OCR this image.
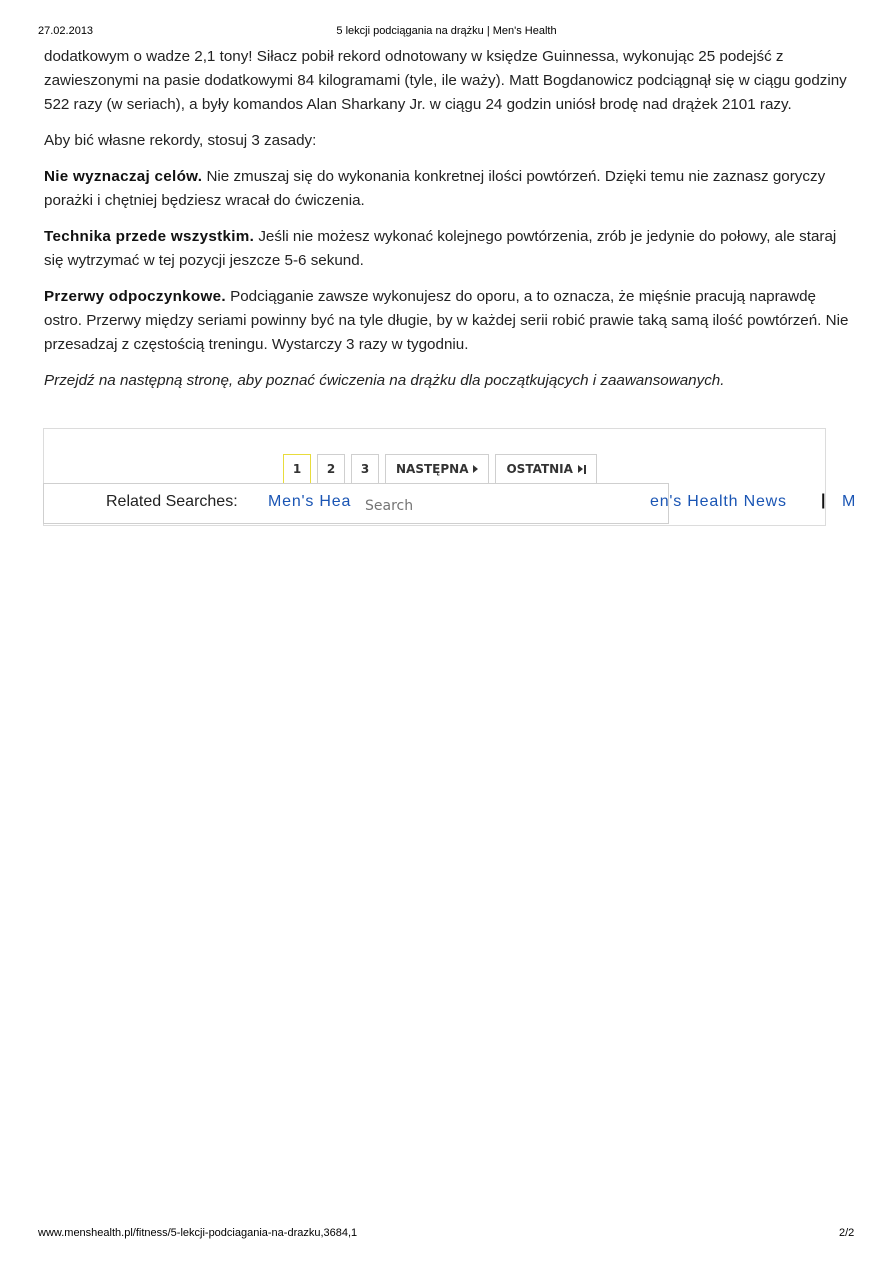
27.02.2013	5 lekcji podciągania na drążku | Men's Health

dodatkowym o wadze 2,1 tony! Siłacz pobił rekord odnotowany w księdze Guinnessa, wykonując 25 podejść z zawieszonymi na pasie dodatkowymi 84 kilogramami (tyle, ile waży). Matt Bogdanowicz podciągnął się w ciągu godziny 522 razy (w seriach), a były komandos Alan Sharkany Jr. w ciągu 24 godzin uniósł brodę nad drążek 2101 razy.

Aby bić własne rekordy, stosuj 3 zasady:

Nie wyznaczaj celów. Nie zmuszaj się do wykonania konkretnej ilości powtórzeń. Dzięki temu nie zaznasz goryczy porażki i chętniej będziesz wracał do ćwiczenia.

Technika przede wszystkim. Jeśli nie możesz wykonać kolejnego powtórzenia, zrób je jedynie do połowy, ale staraj się wytrzymać w tej pozycji jeszcze 5-6 sekund.

Przerwy odpoczynkowe. Podciąganie zawsze wykonujesz do oporu, a to oznacza, że mięśnie pracują naprawdę ostro. Przerwy między seriami powinny być na tyle długie, by w każdej serii robić prawie taką samą ilość powtórzeń. Nie przesadzaj z częstością treningu. Wystarczy 3 razy w tygodniu.

Przejdź na następną stronę, aby poznać ćwiczenia na drążku dla początkujących i zaawansowanych.

1	2	3	NASTĘPNA	OSTATNIA
Related Searches: Men's Hea
Search	en's Health News | M
www.menshealth.pl/fitness/5-lekcji-podciagania-na-drazku,3684,1	2/2
